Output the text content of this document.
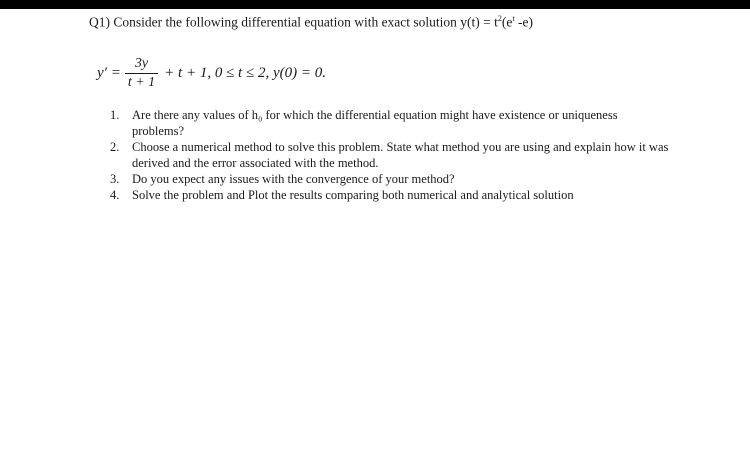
Q1) Consider the following differential equation with exact solution $y(t) = t^2(e^t$ -e)
$y' = \frac{3y}{t + 1} + t + 1$, 0 ≤ t ≤ 2, y(0) = 0.
1.	Are there any values of h₀ for which the differential equation might have existence or uniqueness problems?
2.	Choose a numerical method to solve this problem. State what method you are using and explain how it was derived and the error associated with the method.
3.	Do you expect any issues with the convergence of your method?
4.	Solve the problem and Plot the results comparing both numerical and analytical solution
